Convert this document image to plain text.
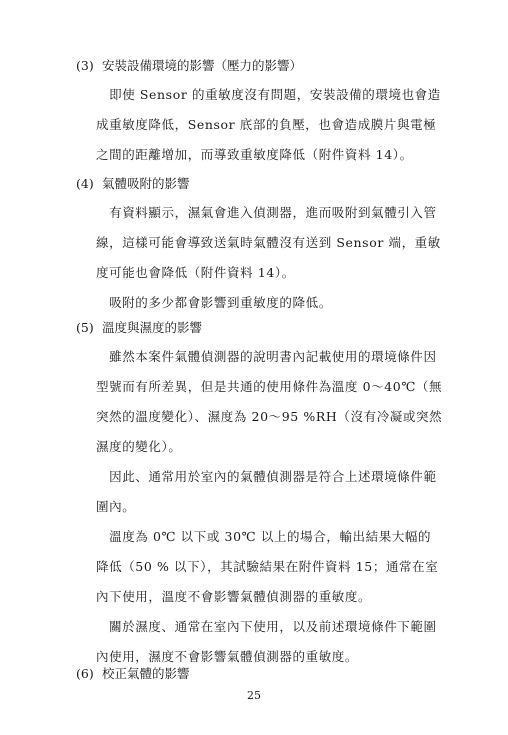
(3) 安裝設備環境的影響（壓力的影響）

　即使 Sensor 的重敏度沒有問題，安裝設備的環境也會造成重敏度降低，Sensor 底部的負壓，也會造成膜片與電極之間的距離增加，而導致重敏度降低（附件資料 14）。

(4) 氣體吸附的影響

　有資料顯示，濕氣會進入偵測器，進而吸附到氣體引入管線，這樣可能會導致送氣時氣體沒有送到 Sensor 端，重敏度可能也會降低（附件資料 14）。

　吸附的多少都會影響到重敏度的降低。

(5) 溫度與濕度的影響

　雖然本案件氣體偵測器的說明書內記載使用的環境條件因型號而有所差異，但是共通的使用條件為溫度 0～40℃（無突然的溫度變化）、濕度為 20～95 %RH（沒有冷凝或突然濕度的變化）。

　因此、通常用於室內的氣體偵測器是符合上述環境條件範圍內。

　溫度為 0℃ 以下或 30℃ 以上的場合，輸出結果大幅的降低（50 % 以下），其試驗結果在附件資料 15；通常在室內下使用，溫度不會影響氣體偵測器的重敏度。

　關於濕度、通常在室內下使用，以及前述環境條件下範圍內使用，濕度不會影響氣體偵測器的重敏度。

(6) 校正氣體的影響
25
